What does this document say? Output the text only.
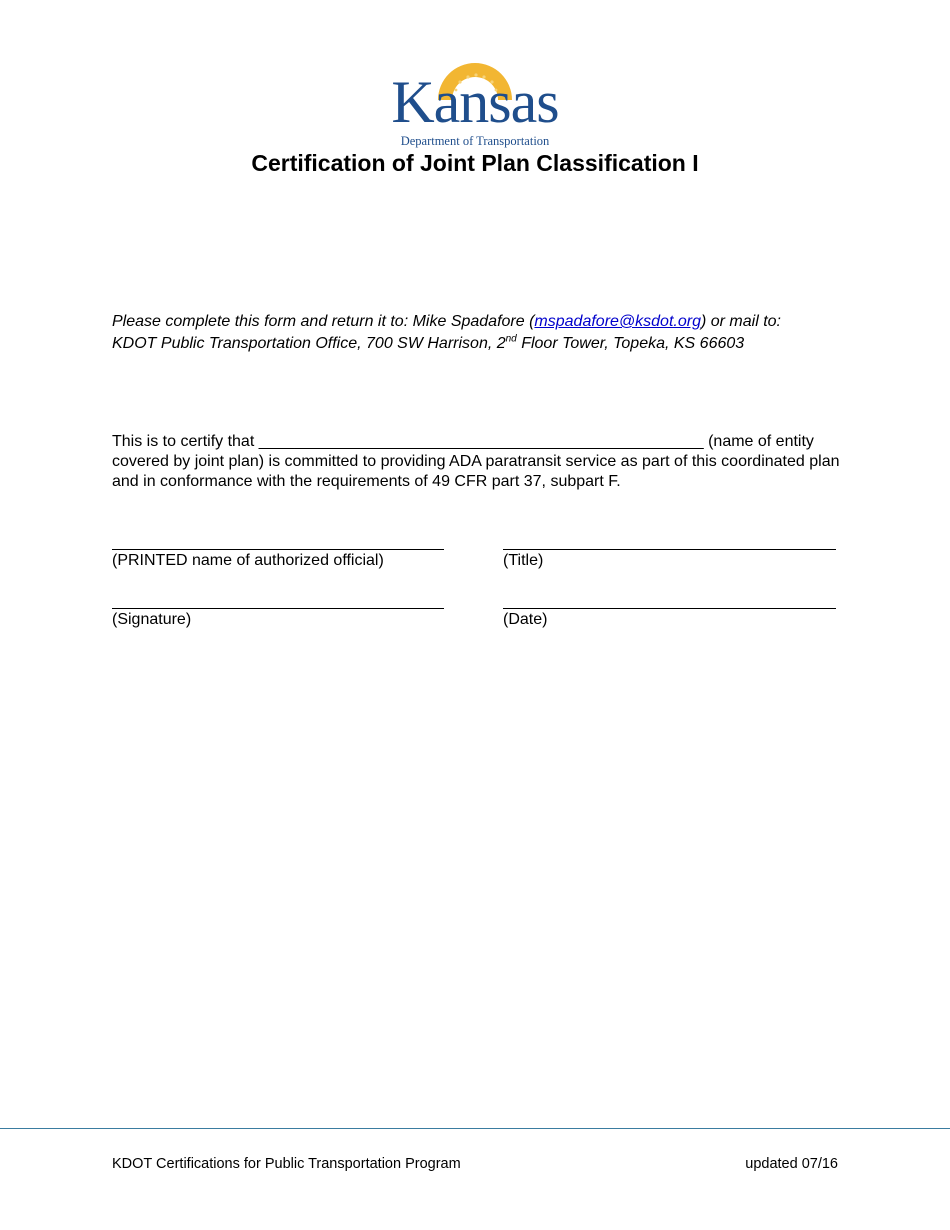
AD ASTRA PER ASPERA
Kansas
Department of Transportation
Certification of Joint Plan Classification I
Please complete this form and return it to: Mike Spadafore (mspadafore@ksdot.org) or mail to:
KDOT Public Transportation Office, 700 SW Harrison, 2nd Floor Tower, Topeka, KS 66603
This is to certify that __________________________________________________ (name of entity covered by joint plan) is committed to providing ADA paratransit service as part of this coordinated plan and in conformance with the requirements of 49 CFR part 37, subpart F.
(PRINTED name of authorized official)	(Title)
(Signature)	(Date)
KDOT Certifications for Public Transportation Program	updated 07/16
